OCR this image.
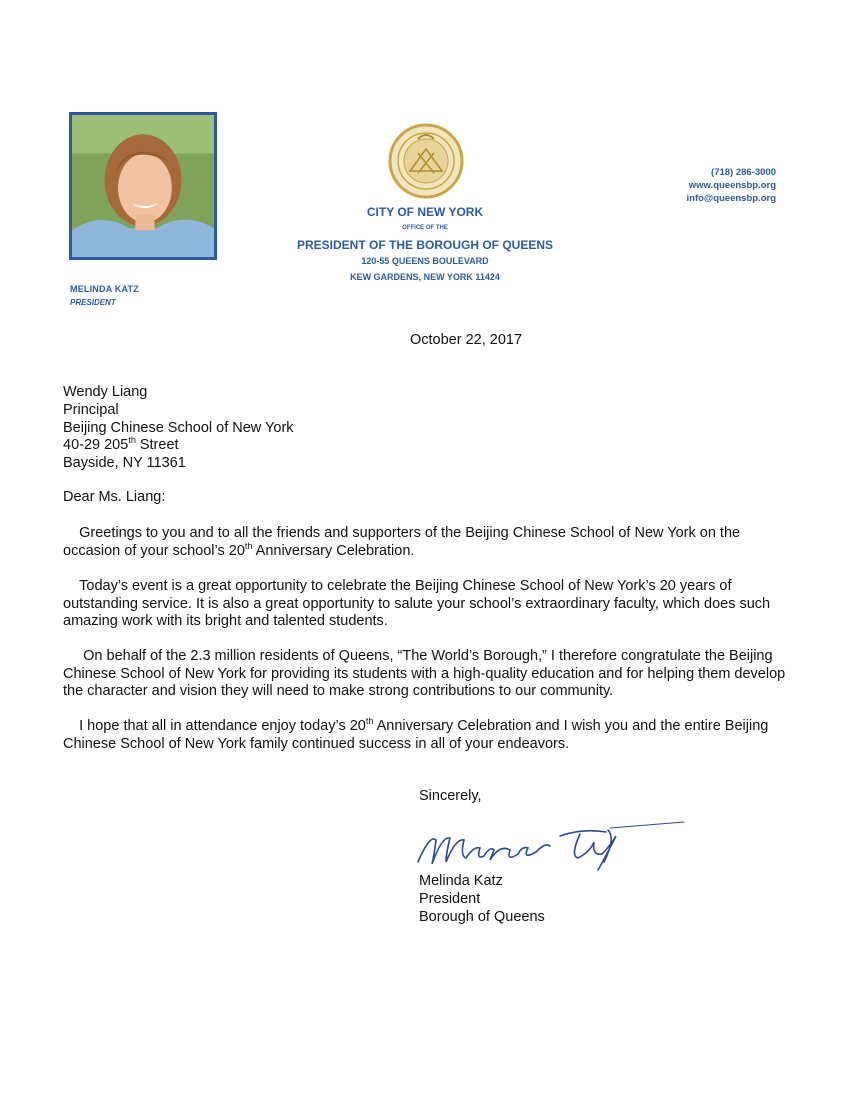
MELINDA KATZ
PRESIDENT
CITY OF NEW YORK
OFFICE OF THE
PRESIDENT OF THE BOROUGH OF QUEENS
120-55 QUEENS BOULEVARD
KEW GARDENS, NEW YORK 11424
(718) 286-3000
www.queensbp.org
info@queensbp.org
October 22, 2017
Wendy Liang
Principal
Beijing Chinese School of New York
40-29 205th Street
Bayside, NY 11361
Dear Ms. Liang:
Greetings to you and to all the friends and supporters of the Beijing Chinese School of New York on the occasion of your school’s 20th Anniversary Celebration.
Today’s event is a great opportunity to celebrate the Beijing Chinese School of New York’s 20 years of outstanding service. It is also a great opportunity to salute your school’s extraordinary faculty, which does such amazing work with its bright and talented students.
On behalf of the 2.3 million residents of Queens, “The World’s Borough,” I therefore congratulate the Beijing Chinese School of New York for providing its students with a high-quality education and for helping them develop the character and vision they will need to make strong contributions to our community.
I hope that all in attendance enjoy today’s 20th Anniversary Celebration and I wish you and the entire Beijing Chinese School of New York family continued success in all of your endeavors.
Sincerely,
Melinda Katz
President
Borough of Queens
